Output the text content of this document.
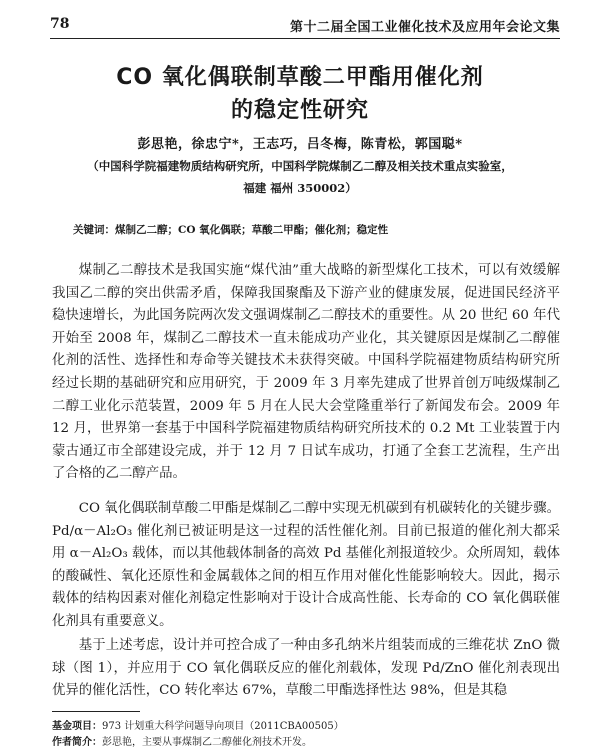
78	第十二届全国工业催化技术及应用年会论文集
CO 氧化偶联制草酸二甲酯用催化剂
的稳定性研究
彭思艳，徐忠宁*，王志巧，吕冬梅，陈青松，郭国聪*
（中国科学院福建物质结构研究所，中国科学院煤制乙二醇及相关技术重点实验室，
福建 福州 350002）
关键词：煤制乙二醇；CO 氧化偶联；草酸二甲酯；催化剂；稳定性

煤制乙二醇技术是我国实施“煤代油”重大战略的新型煤化工技术，可以有效缓解我国乙二醇的突出供需矛盾，保障我国聚酯及下游产业的健康发展，促进国民经济平稳快速增长，为此国务院两次发文强调煤制乙二醇技术的重要性。从 20 世纪 60 年代开始至 2008 年，煤制乙二醇技术一直未能成功产业化，其关键原因是煤制乙二醇催化剂的活性、选择性和寿命等关键技术未获得突破。中国科学院福建物质结构研究所经过长期的基础研究和应用研究，于 2009 年 3 月率先建成了世界首创万吨级煤制乙二醇工业化示范装置，2009 年 5 月在人民大会堂隆重举行了新闻发布会。2009 年 12 月，世界第一套基于中国科学院福建物质结构研究所技术的 0.2 Mt 工业装置于内蒙古通辽市全部建设完成，并于 12 月 7 日试车成功，打通了全套工艺流程，生产出了合格的乙二醇产品。

CO 氧化偶联制草酸二甲酯是煤制乙二醇中实现无机碳到有机碳转化的关键步骤。Pd/α－Al₂O₃ 催化剂已被证明是这一过程的活性催化剂。目前已报道的催化剂大都采用 α－Al₂O₃ 载体，而以其他载体制备的高效 Pd 基催化剂报道较少。众所周知，载体的酸碱性、氧化还原性和金属载体之间的相互作用对催化性能影响较大。因此，揭示载体的结构因素对催化剂稳定性影响对于设计合成高性能、长寿命的 CO 氧化偶联催化剂具有重要意义。

基于上述考虑，设计并可控合成了一种由多孔纳米片组装而成的三维花状 ZnO 微球（图 1），并应用于 CO 氧化偶联反应的催化剂载体，发现 Pd/ZnO 催化剂表现出优异的催化活性，CO 转化率达 67%，草酸二甲酯选择性达 98%，但是其稳

基金项目：973 计划重大科学问题导向项目（2011CBA00505）
作者简介：彭思艳，主要从事煤制乙二醇催化剂技术开发。
